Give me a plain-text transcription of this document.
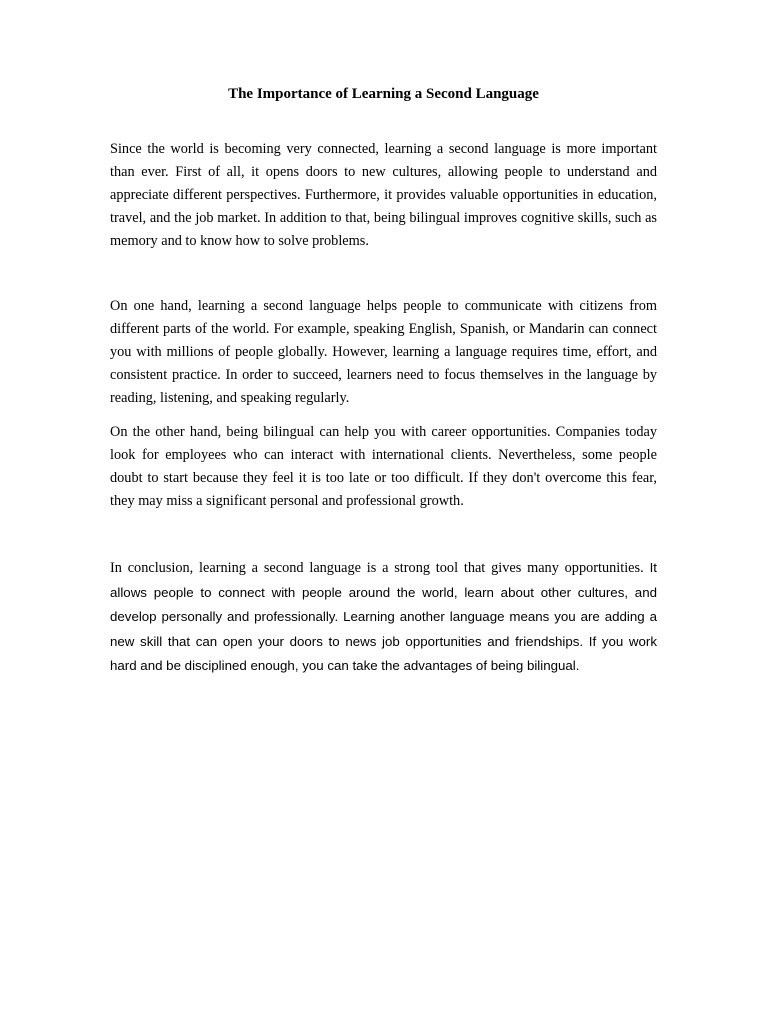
The Importance of Learning a Second Language

Since the world is becoming very connected, learning a second language is more important than ever. First of all, it opens doors to new cultures, allowing people to understand and appreciate different perspectives. Furthermore, it provides valuable opportunities in education, travel, and the job market. In addition to that, being bilingual improves cognitive skills, such as memory and to know how to solve problems.

On one hand, learning a second language helps people to communicate with citizens from different parts of the world. For example, speaking English, Spanish, or Mandarin can connect you with millions of people globally. However, learning a language requires time, effort, and consistent practice. In order to succeed, learners need to focus themselves in the language by reading, listening, and speaking regularly.

On the other hand, being bilingual can help you with career opportunities. Companies today look for employees who can interact with international clients. Nevertheless, some people doubt to start because they feel it is too late or too difficult. If they don't overcome this fear, they may miss a significant personal and professional growth.

In conclusion, learning a second language is a strong tool that gives many opportunities. It allows people to connect with people around the world, learn about other cultures, and develop personally and professionally. Learning another language means you are adding a new skill that can open your doors to news job opportunities and friendships. If you work hard and be disciplined enough, you can take the advantages of being bilingual.
